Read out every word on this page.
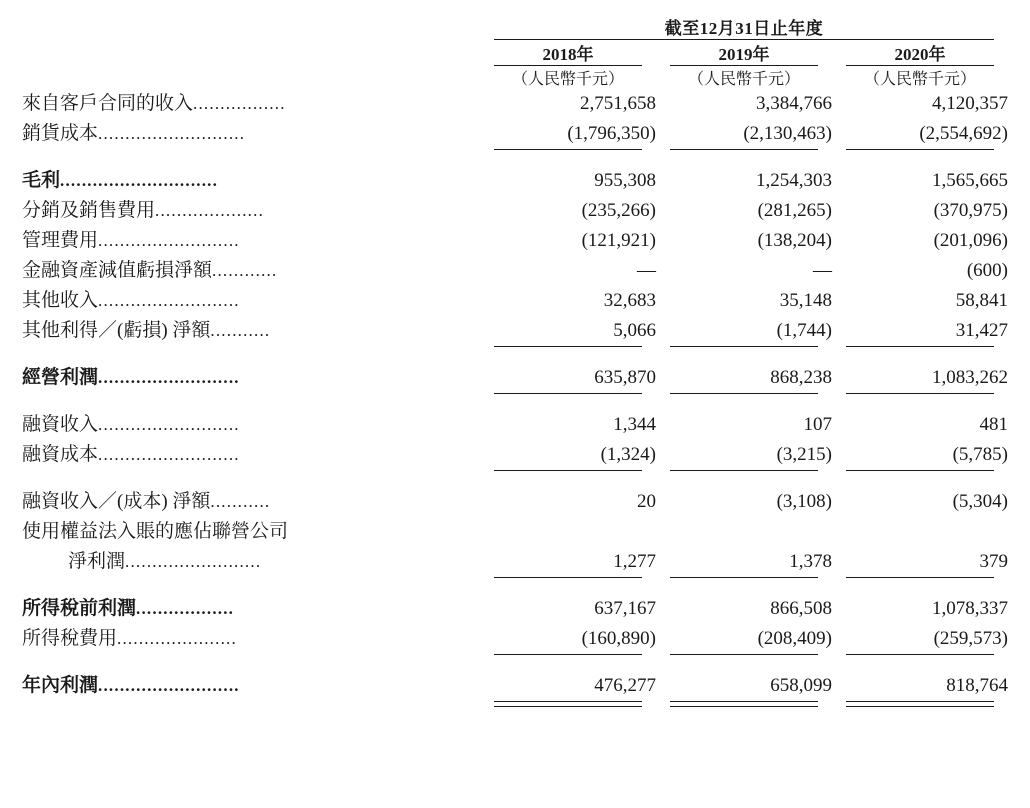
	截至12月31日止年度		

	2018年	2019年	2020年

	（人民幣千元）	（人民幣千元）	（人民幣千元）
來自客戶合同的收入.................	2,751,658	3,384,766	4,120,357
銷貨成本...........................	(1,796,350)	(2,130,463)	(2,554,692)

毛利.............................	955,308	1,254,303	1,565,665
分銷及銷售費用....................	(235,266)	(281,265)	(370,975)
管理費用..........................	(121,921)	(138,204)	(201,096)
金融資產減值虧損淨額............	—	—	(600)
其他收入..........................	32,683	35,148	58,841
其他利得／(虧損) 淨額...........	5,066	(1,744)	31,427

經營利潤..........................	635,870	868,238	1,083,262

融資收入..........................	1,344	107	481
融資成本..........................	(1,324)	(3,215)	(5,785)

融資收入／(成本) 淨額...........	20	(3,108)	(5,304)
使用權益法入賬的應佔聯營公司			
淨利潤.........................	1,277	1,378	379

所得稅前利潤..................	637,167	866,508	1,078,337
所得稅費用......................	(160,890)	(208,409)	(259,573)

年內利潤..........................	476,277	658,099	818,764
